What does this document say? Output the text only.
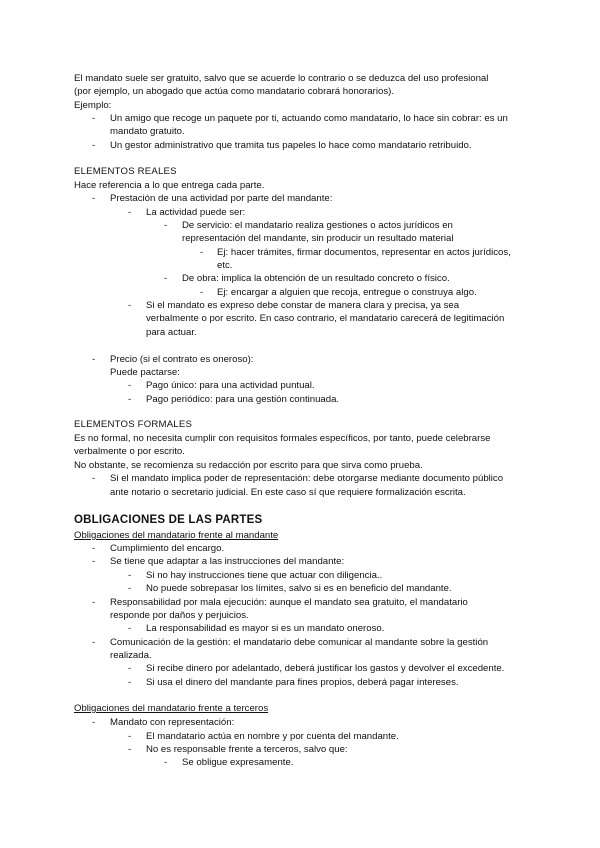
El mandato suele ser gratuito, salvo que se acuerde lo contrario o se deduzca del uso profesional
(por ejemplo, un abogado que actúa como mandatario cobrará honorarios).
Ejemplo:
- Un amigo que recoge un paquete por ti, actuando como mandatario, lo hace sin cobrar: es un
mandato gratuito.
- Un gestor administrativo que tramita tus papeles lo hace como mandatario retribuido.
ELEMENTOS REALES
Hace referencia a lo que entrega cada parte.
- Prestación de una actividad por parte del mandante:
- La actividad puede ser:
- De servicio: el mandatario realiza gestiones o actos jurídicos en
representación del mandante, sin producir un resultado material
- Ej: hacer trámites, firmar documentos, representar en actos jurídicos,
etc.
- De obra: implica la obtención de un resultado concreto o físico.
- Ej: encargar a alguien que recoja, entregue o construya algo.
- Si el mandato es expreso debe constar de manera clara y precisa, ya sea
verbalmente o por escrito. En caso contrario, el mandatario carecerá de legitimación
para actuar.
- Precio (si el contrato es oneroso):
Puede pactarse:
- Pago único: para una actividad puntual.
- Pago periódico: para una gestión continuada.
ELEMENTOS FORMALES
Es no formal, no necesita cumplir con requisitos formales específicos, por tanto, puede celebrarse
verbalmente o por escrito.
No obstante, se recomienza su redacción por escrito para que sirva como prueba.
- Si el mandato implica poder de representación: debe otorgarse mediante documento público
ante notario o secretario judicial. En este caso sí que requiere formalización escrita.
OBLIGACIONES DE LAS PARTES
Obligaciones del mandatario frente al mandante
- Cumplimiento del encargo.
- Se tiene que adaptar a las instrucciones del mandante:
- Si no hay instrucciones tiene que actuar con diligencia..
- No puede sobrepasar los límites, salvo si es en beneficio del mandante.
- Responsabilidad por mala ejecución: aunque el mandato sea gratuito, el mandatario
responde por daños y perjuicios.
- La responsabilidad es mayor si es un mandato oneroso.
- Comunicación de la gestión: el mandatario debe comunicar al mandante sobre la gestión
realizada.
- Si recibe dinero por adelantado, deberá justificar los gastos y devolver el excedente.
- Si usa el dinero del mandante para fines propios, deberá pagar intereses.
Obligaciones del mandatario frente a terceros
- Mandato con representación:
- El mandatario actúa en nombre y por cuenta del mandante.
- No es responsable frente a terceros, salvo que:
- Se obligue expresamente.
